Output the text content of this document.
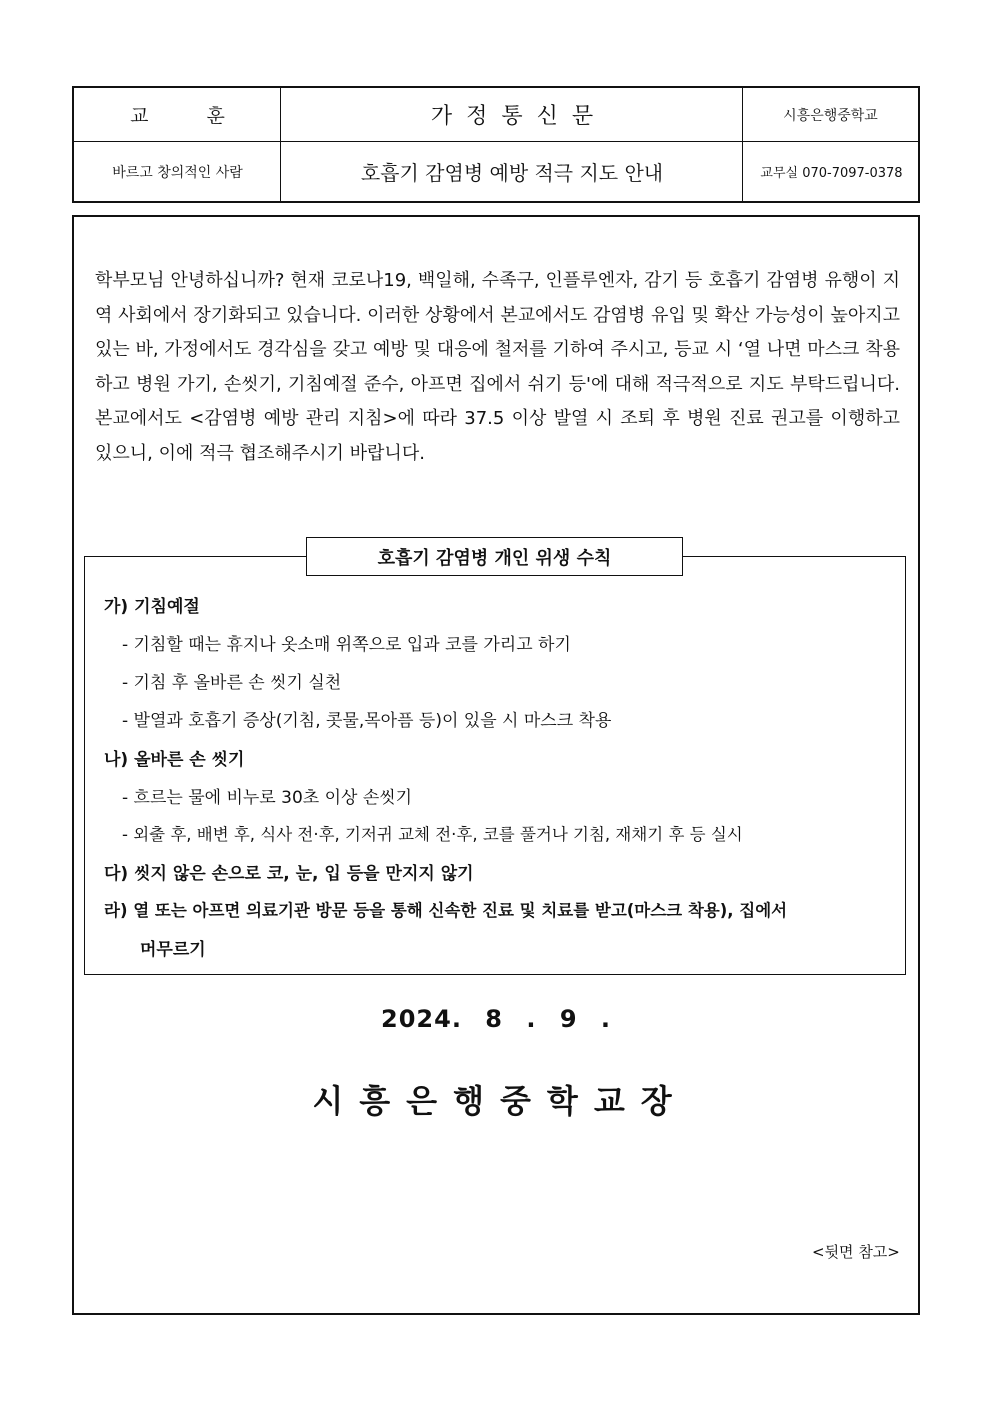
교 훈	가정통신문	시흥은행중학교
바르고 창의적인 사람	호흡기 감염병 예방 적극 지도 안내	교무실 070-7097-0378

학부모님 안녕하십니까? 현재 코로나19, 백일해, 수족구, 인플루엔자, 감기 등 호흡기 감염병 유행이 지역 사회에서 장기화되고 있습니다. 이러한 상황에서 본교에서도 감염병 유입 및 확산 가능성이 높아지고 있는 바, 가정에서도 경각심을 갖고 예방 및 대응에 철저를 기하여 주시고, 등교 시 ‘열 나면 마스크 착용하고 병원 가기, 손씻기, 기침예절 준수, 아프면 집에서 쉬기 등'에 대해 적극적으로 지도 부탁드립니다. 본교에서도 <감염병 예방 관리 지침>에 따라 37.5 이상 발열 시 조퇴 후 병원 진료 권고를 이행하고 있으니, 이에 적극 협조해주시기 바랍니다.

호흡기 감염병 개인 위생 수칙
가) 기침예절
- 기침할 때는 휴지나 옷소매 위쪽으로 입과 코를 가리고 하기
- 기침 후 올바른 손 씻기 실천
- 발열과 호흡기 증상(기침, 콧물,목아픔 등)이 있을 시 마스크 착용
나) 올바른 손 씻기
- 흐르는 물에 비누로 30초 이상 손씻기
- 외출 후, 배변 후, 식사 전·후, 기저귀 교체 전·후, 코를 풀거나 기침, 재채기 후 등 실시
다) 씻지 않은 손으로 코, 눈, 입 등을 만지지 않기
라) 열 또는 아프면 의료기관 방문 등을 통해 신속한 진료 및 치료를 받고(마스크 착용), 집에서
머무르기
2024. 8 . 9 .
시흥은행중학교장
<뒷면 참고>
